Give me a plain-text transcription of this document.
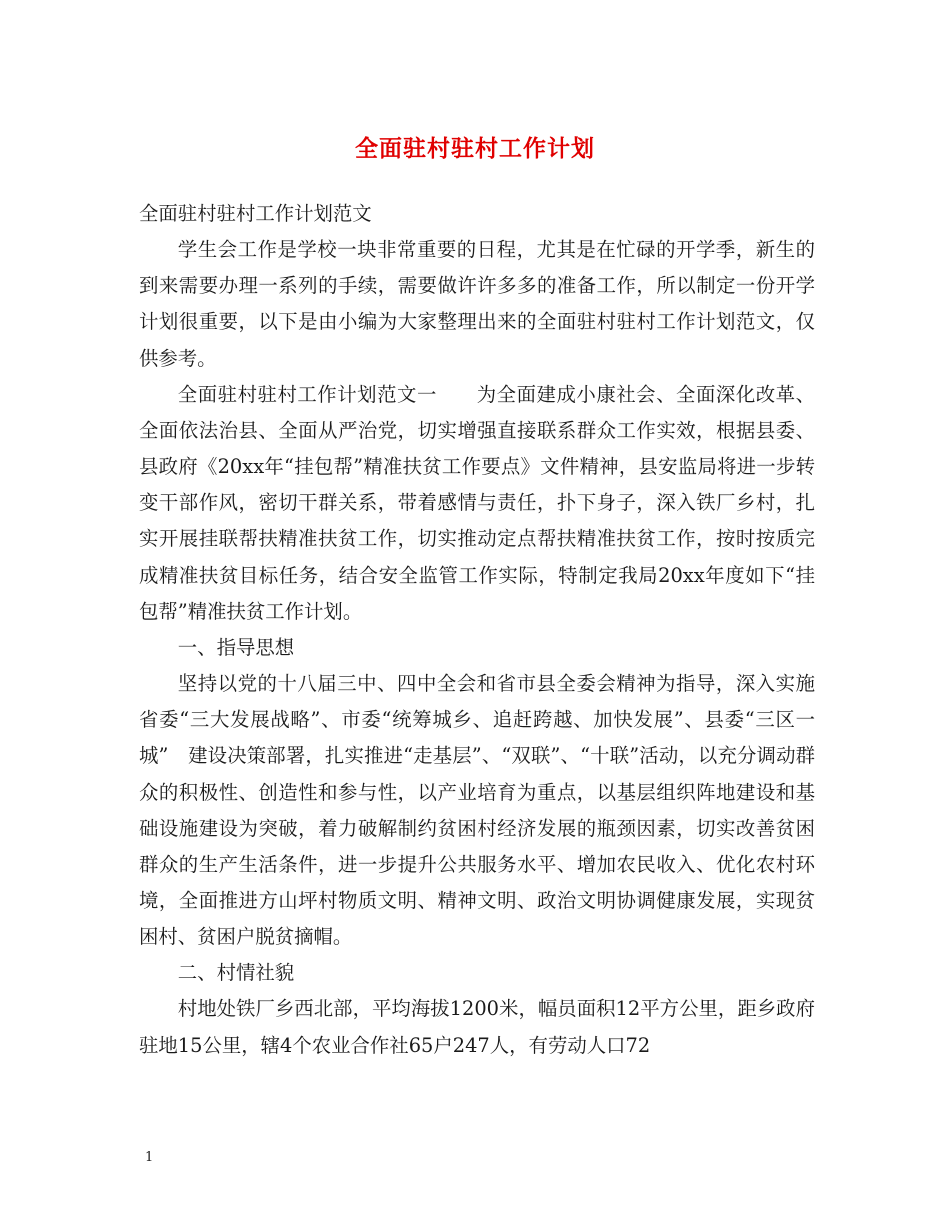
全面驻村驻村工作计划

全面驻村驻村工作计划范文

学生会工作是学校一块非常重要的日程，尤其是在忙碌的开学季，新生的到来需要办理一系列的手续，需要做许许多多的准备工作，所以制定一份开学计划很重要，以下是由小编为大家整理出来的全面驻村驻村工作计划范文，仅供参考。

全面驻村驻村工作计划范文一　　为全面建成小康社会、全面深化改革、全面依法治县、全面从严治党，切实增强直接联系群众工作实效，根据县委、县政府《20xx年“挂包帮”精准扶贫工作要点》文件精神，县安监局将进一步转变干部作风，密切干群关系，带着感情与责任，扑下身子，深入铁厂乡村，扎实开展挂联帮扶精准扶贫工作，切实推动定点帮扶精准扶贫工作，按时按质完成精准扶贫目标任务，结合安全监管工作实际，特制定我局20xx年度如下“挂包帮”精准扶贫工作计划。

一、指导思想

坚持以党的十八届三中、四中全会和省市县全委会精神为指导，深入实施省委“三大发展战略”、市委“统筹城乡、追赶跨越、加快发展”、县委“三区一城”　建设决策部署，扎实推进“走基层”、“双联”、“十联”活动，以充分调动群众的积极性、创造性和参与性，以产业培育为重点，以基层组织阵地建设和基础设施建设为突破，着力破解制约贫困村经济发展的瓶颈因素，切实改善贫困群众的生产生活条件，进一步提升公共服务水平、增加农民收入、优化农村环境，全面推进方山坪村物质文明、精神文明、政治文明协调健康发展，实现贫困村、贫困户脱贫摘帽。

二、村情社貌

村地处铁厂乡西北部，平均海拔1200米，幅员面积12平方公里，距乡政府驻地15公里，辖4个农业合作社65户247人，有劳动人口72

1
